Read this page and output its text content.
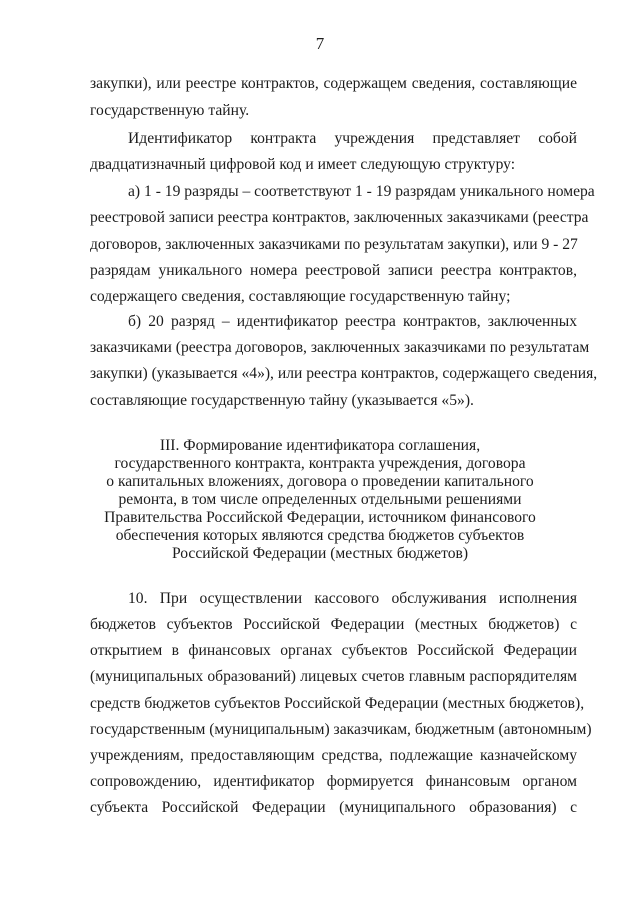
7
закупки), или реестре контрактов, содержащем сведения, составляющие
государственную тайну.
Идентификатор контракта учреждения представляет собой
двадцатизначный цифровой код и имеет следующую структуру:
а) 1 - 19 разряды – соответствуют 1 - 19 разрядам уникального номера
реестровой записи реестра контрактов, заключенных заказчиками (реестра
договоров, заключенных заказчиками по результатам закупки), или 9 - 27
разрядам уникального номера реестровой записи реестра контрактов,
содержащего сведения, составляющие государственную тайну;
б) 20 разряд – идентификатор реестра контрактов, заключенных
заказчиками (реестра договоров, заключенных заказчиками по результатам
закупки) (указывается «4»), или реестра контрактов, содержащего сведения,
составляющие государственную тайну (указывается «5»).
III. Формирование идентификатора соглашения,
государственного контракта, контракта учреждения, договора
о капитальных вложениях, договора о проведении капитального
ремонта, в том числе определенных отдельными решениями
Правительства Российской Федерации, источником финансового
обеспечения которых являются средства бюджетов субъектов
Российской Федерации (местных бюджетов)
10. При осуществлении кассового обслуживания исполнения
бюджетов субъектов Российской Федерации (местных бюджетов) с
открытием в финансовых органах субъектов Российской Федерации
(муниципальных образований) лицевых счетов главным распорядителям
средств бюджетов субъектов Российской Федерации (местных бюджетов),
государственным (муниципальным) заказчикам, бюджетным (автономным)
учреждениям, предоставляющим средства, подлежащие казначейскому
сопровождению, идентификатор формируется финансовым органом
субъекта Российской Федерации (муниципального образования) с
